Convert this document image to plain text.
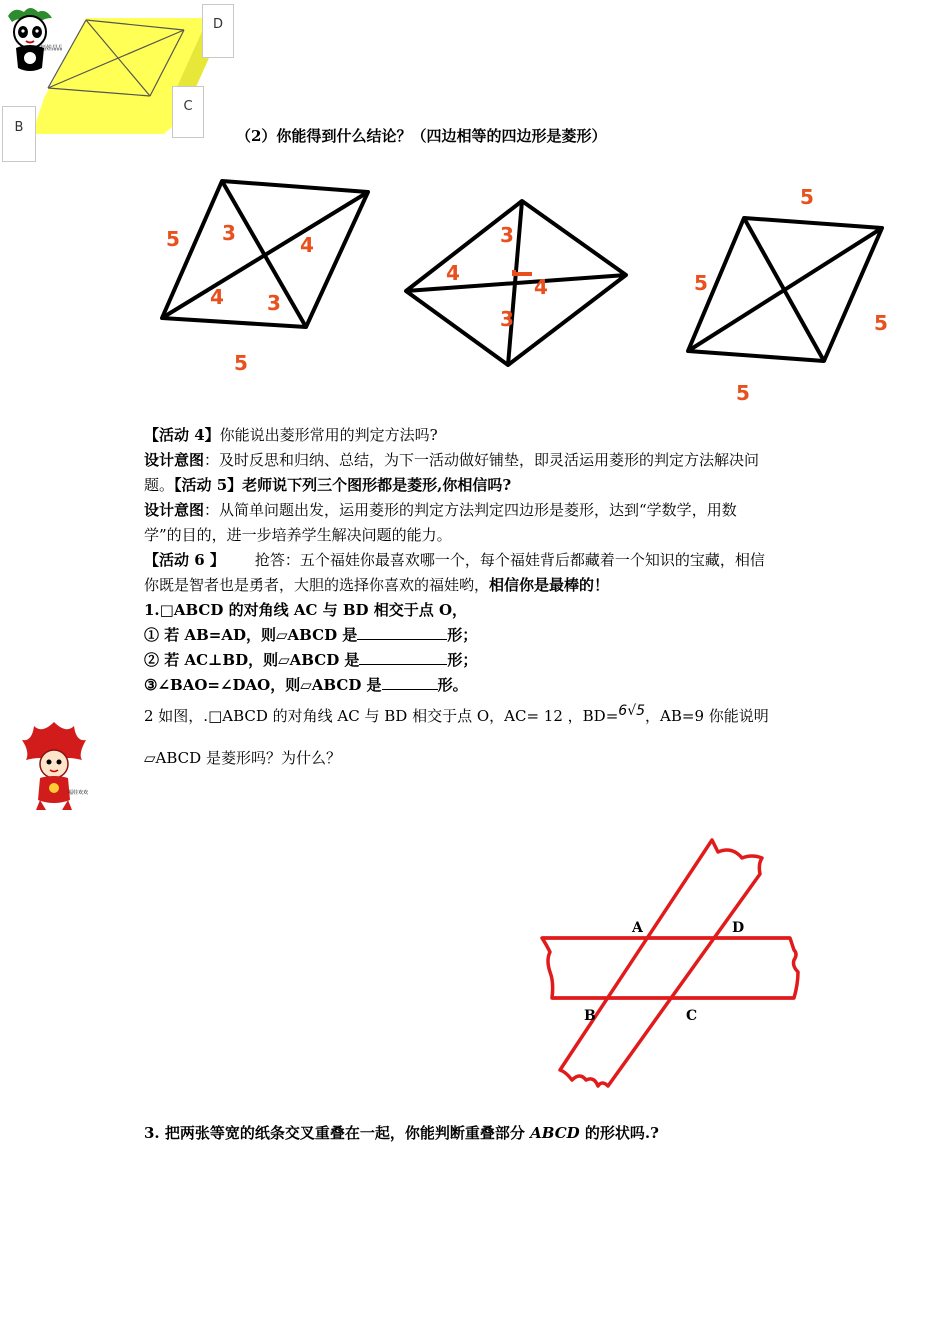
福娃晶晶
D
C
B	（2）你能得到什么结论？（四边相等的四边形是菱形）
5 3	4
4 3
5
3
4
4
3
5
5
5
5
【活动 4】你能说出菱形常用的判定方法吗?
设计意图：及时反思和归纳、总结，为下一活动做好铺垫，即灵活运用菱形的判定方法解决问
题。【活动 5】老师说下列三个图形都是菱形,你相信吗?
设计意图：从简单问题出发，运用菱形的判定方法判定四边形是菱形，达到“学数学，用数
学”的目的，进一步培养学生解决问题的能力。
【活动 6 】 抢答：五个福娃你最喜欢哪一个，每个福娃背后都藏着一个知识的宝藏，相信
你既是智者也是勇者，大胆的选择你喜欢的福娃哟，相信你是最棒的！
1.□ABCD 的对角线 AC 与 BD 相交于点 O，
① 若 AB=AD，则▱ABCD 是	形；
② 若 AC⊥BD，则▱ABCD 是	形；
③∠BAO=∠DAO，则▱ABCD 是	形。
2 如图，.□ABCD 的对角线 AC 与 BD 相交于点 O，AC= 12 ，BD=6√5，AB=9 你能说明
▱ABCD 是菱形吗？为什么？
福娃欢欢
A	D
B	C
3. 把两张等宽的纸条交叉重叠在一起，你能判断重叠部分 ABCD 的形状吗.?
